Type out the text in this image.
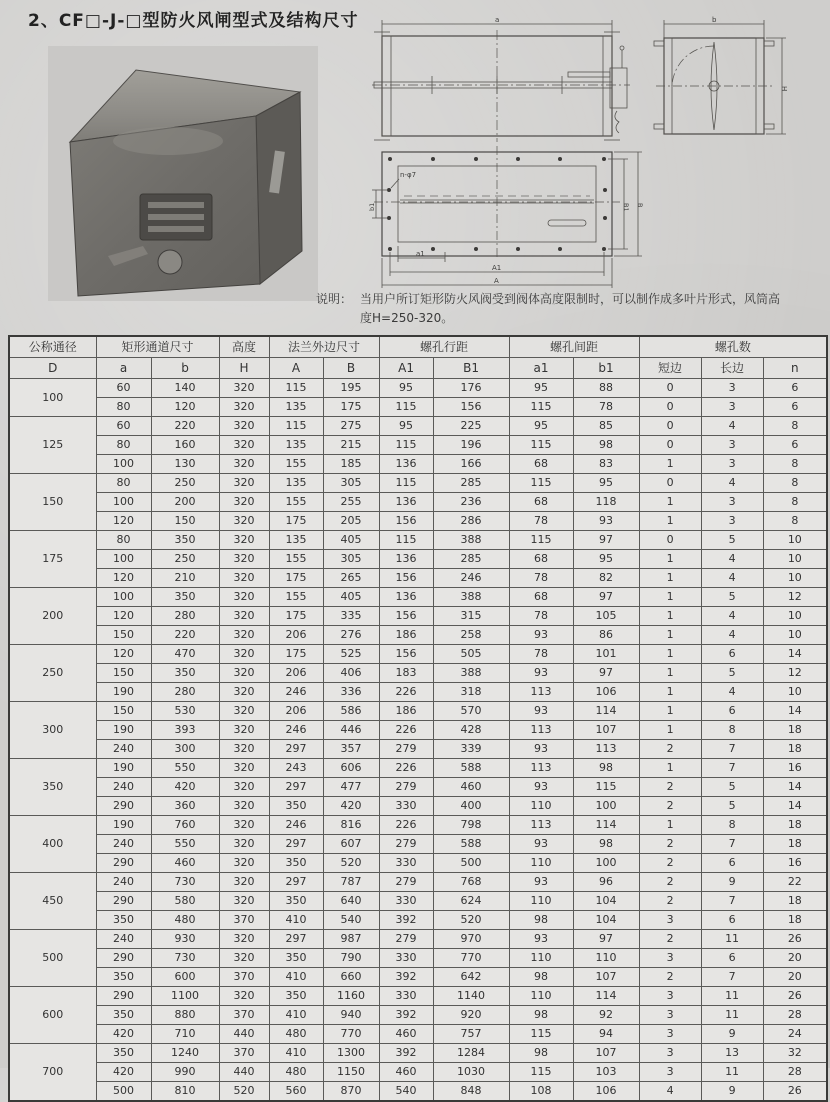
2、CF□-J-□型防火风闸型式及结构尺寸	a	b
H
n-φ7
b1
a1
A1
A
B1 B
说明： 当用户所订矩形防火风阀受到阀体高度限制时，可以制作成多叶片形式，风筒高
度H=250-320。
公称通径	矩形通道尺寸		高度	法兰外边尺寸		螺孔行距		螺孔间距		螺孔数		
D	a	b	H	A	B	A1	B1	a1	b1	短边	长边	n
100	60	140	320	115	195	95	176	95	88	0	3	6
	80	120	320	135	175	115	156	115	78	0	3	6
125	60	220	320	115	275	95	225	95	85	0	4	8
	80	160	320	135	215	115	196	115	98	0	3	6
	100	130	320	155	185	136	166	68	83	1	3	8
150	80	250	320	135	305	115	285	115	95	0	4	8
	100	200	320	155	255	136	236	68	118	1	3	8
	120	150	320	175	205	156	286	78	93	1	3	8
175	80	350	320	135	405	115	388	115	97	0	5	10
	100	250	320	155	305	136	285	68	95	1	4	10
	120	210	320	175	265	156	246	78	82	1	4	10
200	100	350	320	155	405	136	388	68	97	1	5	12
	120	280	320	175	335	156	315	78	105	1	4	10
	150	220	320	206	276	186	258	93	86	1	4	10
250	120	470	320	175	525	156	505	78	101	1	6	14
	150	350	320	206	406	183	388	93	97	1	5	12
	190	280	320	246	336	226	318	113	106	1	4	10
300	150	530	320	206	586	186	570	93	114	1	6	14
	190	393	320	246	446	226	428	113	107	1	8	18
	240	300	320	297	357	279	339	93	113	2	7	18
350	190	550	320	243	606	226	588	113	98	1	7	16
	240	420	320	297	477	279	460	93	115	2	5	14
	290	360	320	350	420	330	400	110	100	2	5	14
400	190	760	320	246	816	226	798	113	114	1	8	18
	240	550	320	297	607	279	588	93	98	2	7	18
	290	460	320	350	520	330	500	110	100	2	6	16
450	240	730	320	297	787	279	768	93	96	2	9	22
	290	580	320	350	640	330	624	110	104	2	7	18
	350	480	370	410	540	392	520	98	104	3	6	18
500	240	930	320	297	987	279	970	93	97	2	11	26
	290	730	320	350	790	330	770	110	110	3	6	20
	350	600	370	410	660	392	642	98	107	2	7	20
600	290	1100	320	350	1160	330	1140	110	114	3	11	26
	350	880	370	410	940	392	920	98	92	3	11	28
	420	710	440	480	770	460	757	115	94	3	9	24
700	350	1240	370	410	1300	392	1284	98	107	3	13	32
	420	990	440	480	1150	460	1030	115	103	3	11	28
	500	810	520	560	870	540	848	108	106	4	9	26
